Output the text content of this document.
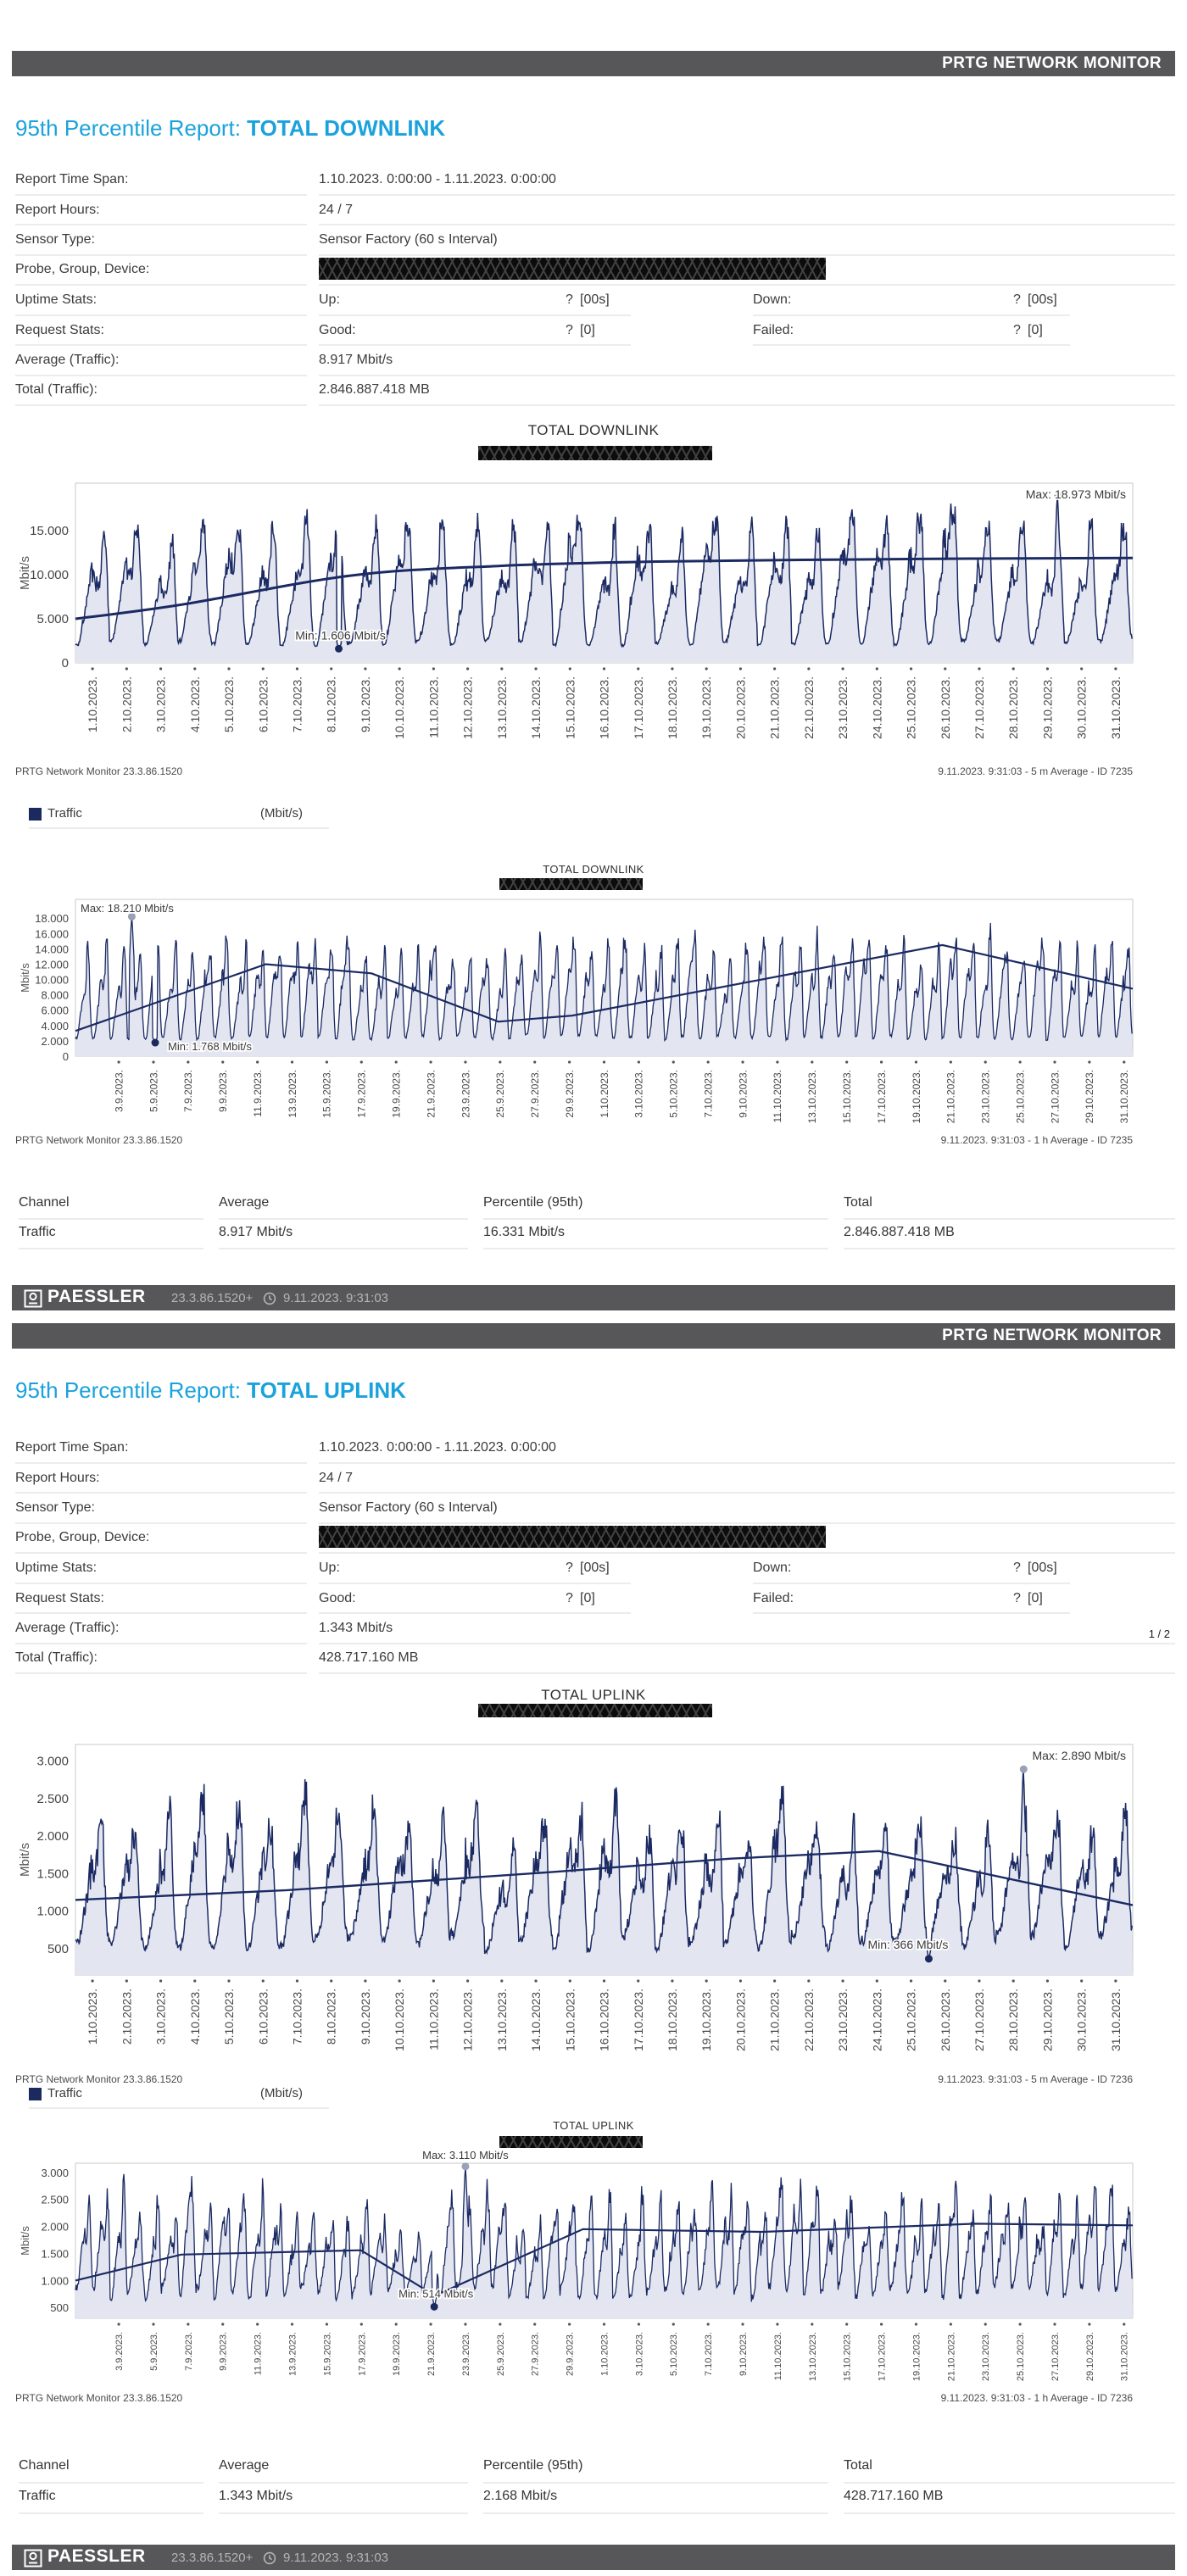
PRTG NETWORK MONITOR
95th Percentile Report: TOTAL DOWNLINK
Report Time Span:	1.10.2023. 0:00:00 - 1.11.2023. 0:00:00
Report Hours:	24 / 7
Sensor Type:	Sensor Factory (60 s Interval)
Probe, Group, Device:
Uptime Stats:	Up:	? [00s]	Down:	? [00s]
Request Stats:	Good:	? [0]	Failed:	? [0]
Average (Traffic):	8.917 Mbit/s
Total (Traffic):	2.846.887.418 MB
TOTAL DOWNLINK
0
5.000
10.000
15.000
Mbit/s
1.10.2023. 2.10.2023. 3.10.2023. 4.10.2023. 5.10.2023. 6.10.2023. 7.10.2023. 8.10.2023. 9.10.2023. 10.10.2023. 11.10.2023. 12.10.2023. 13.10.2023. 14.10.2023. 15.10.2023. 16.10.2023. 17.10.2023. 18.10.2023. 19.10.2023. 20.10.2023. 21.10.2023. 22.10.2023. 23.10.2023. 24.10.2023. 25.10.2023. 26.10.2023. 27.10.2023. 28.10.2023. 29.10.2023. 30.10.2023. 31.10.2023.
Max: 18.973 Mbit/s
Min: 1.606 Mbit/s
PRTG Network Monitor 23.3.86.1520	9.11.2023. 9:31:03 - 5 m Average - ID 7235
Traffic	(Mbit/s)
TOTAL DOWNLINK
0
2.000
4.000
6.000
8.000
10.000
12.000
14.000
16.000
18.000
Mbit/s
3.9.2023. 5.9.2023. 7.9.2023. 9.9.2023. 11.9.2023. 13.9.2023. 15.9.2023. 17.9.2023. 19.9.2023. 21.9.2023. 23.9.2023. 25.9.2023. 27.9.2023. 29.9.2023. 1.10.2023. 3.10.2023. 5.10.2023. 7.10.2023. 9.10.2023. 11.10.2023. 13.10.2023. 15.10.2023. 17.10.2023. 19.10.2023. 21.10.2023. 23.10.2023. 25.10.2023. 27.10.2023. 29.10.2023. 31.10.2023.
Max: 18.210 Mbit/s
Min: 1.768 Mbit/s
PRTG Network Monitor 23.3.86.1520	9.11.2023. 9:31:03 - 1 h Average - ID 7235
Channel	Average	Percentile (95th)	Total
Traffic	8.917 Mbit/s	16.331 Mbit/s	2.846.887.418 MB
PAESSLER 23.3.86.1520+ 9.11.2023. 9:31:03
PRTG NETWORK MONITOR
95th Percentile Report: TOTAL UPLINK
Report Time Span:	1.10.2023. 0:00:00 - 1.11.2023. 0:00:00
Report Hours:	24 / 7
Sensor Type:	Sensor Factory (60 s Interval)
Probe, Group, Device:
Uptime Stats:	Up:	? [00s]	Down:	? [00s]
Request Stats:	Good:	? [0]	Failed:	? [0]
Average (Traffic):	1.343 Mbit/s	1 / 2
Total (Traffic):	428.717.160 MB
TOTAL UPLINK
500
1.000
1.500
2.000
2.500
3.000
Mbit/s
1.10.2023. 2.10.2023. 3.10.2023. 4.10.2023. 5.10.2023. 6.10.2023. 7.10.2023. 8.10.2023. 9.10.2023. 10.10.2023. 11.10.2023. 12.10.2023. 13.10.2023. 14.10.2023. 15.10.2023. 16.10.2023. 17.10.2023. 18.10.2023. 19.10.2023. 20.10.2023. 21.10.2023. 22.10.2023. 23.10.2023. 24.10.2023. 25.10.2023. 26.10.2023. 27.10.2023. 28.10.2023. 29.10.2023. 30.10.2023. 31.10.2023.
Max: 2.890 Mbit/s
Min: 366 Mbit/s
PRTG Network Monitor 23.3.86.1520	9.11.2023. 9:31:03 - 5 m Average - ID 7236
Traffic	(Mbit/s)
TOTAL UPLINK
500
1.000
1.500
2.000
2.500
3.000
Mbit/s
3.9.2023.	5.9.2023.	7.9.2023.	9.9.2023.	11.9.2023.	13.9.2023.	15.9.2023.	17.9.2023.	19.9.2023.	21.9.2023.	23.9.2023.	25.9.2023.	27.9.2023.	29.9.2023.	1.10.2023.	3.10.2023.	5.10.2023.	7.10.2023.	9.10.2023.	11.10.2023.	13.10.2023.	15.10.2023.	17.10.2023.	19.10.2023.	21.10.2023.	23.10.2023.	25.10.2023.	27.10.2023.	29.10.2023.	31.10.2023.
Max: 3.110 Mbit/s
Min: 514 Mbit/s
PRTG Network Monitor 23.3.86.1520	9.11.2023. 9:31:03 - 1 h Average - ID 7236
Channel	Average	Percentile (95th)	Total
Traffic	1.343 Mbit/s	2.168 Mbit/s	428.717.160 MB
PAESSLER 23.3.86.1520+ 9.11.2023. 9:31:03
